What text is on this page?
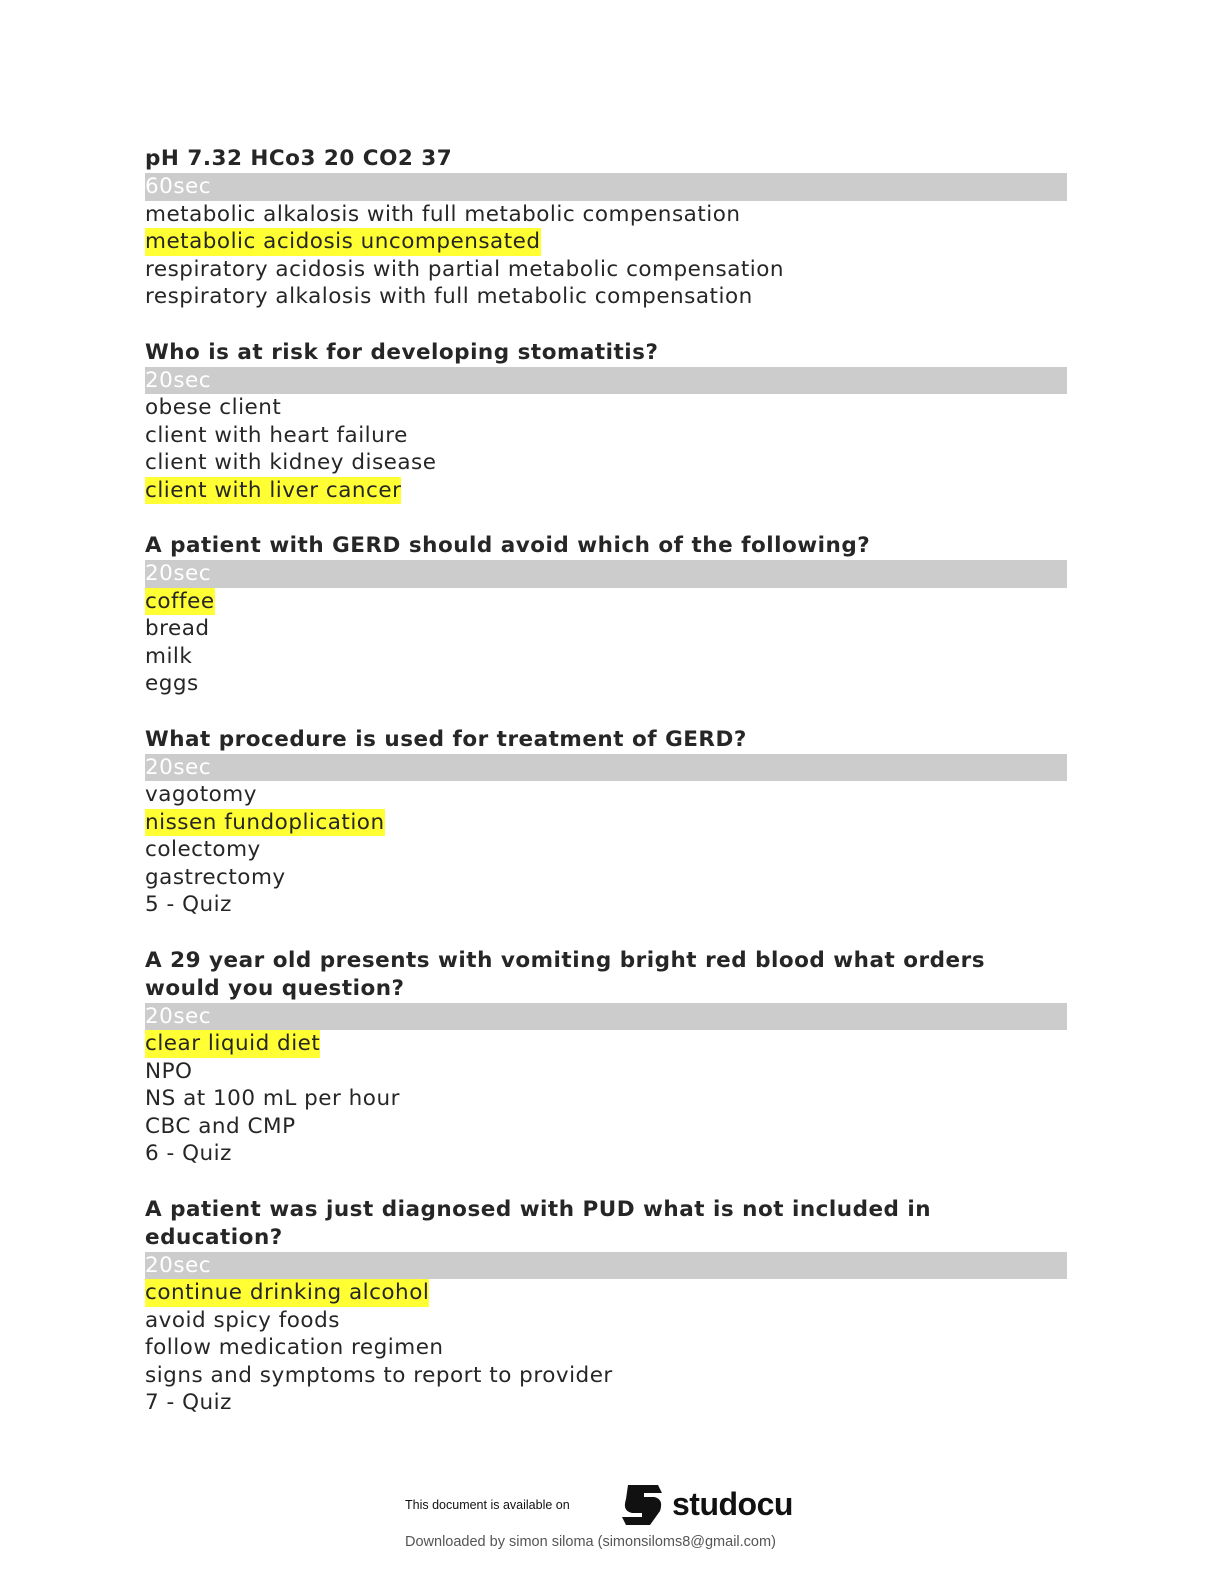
pH 7.32 HCo3 20 CO2 37
60sec
metabolic alkalosis with full metabolic compensation
metabolic acidosis uncompensated
respiratory acidosis with partial metabolic compensation
respiratory alkalosis with full metabolic compensation
Who is at risk for developing stomatitis?
20sec
obese client
client with heart failure
client with kidney disease
client with liver cancer
A patient with GERD should avoid which of the following?
20sec
coffee
bread
milk
eggs
What procedure is used for treatment of GERD?
20sec
vagotomy
nissen fundoplication
colectomy
gastrectomy
5 - Quiz
A 29 year old presents with vomiting bright red blood what orders would you question?
20sec
clear liquid diet
NPO
NS at 100 mL per hour
CBC and CMP
6 - Quiz
A patient was just diagnosed with PUD what is not included in education?
20sec
continue drinking alcohol
avoid spicy foods
follow medication regimen
signs and symptoms to report to provider
7 - Quiz
This document is available on	studocu
Downloaded by simon siloma (simonsiloms8@gmail.com)
